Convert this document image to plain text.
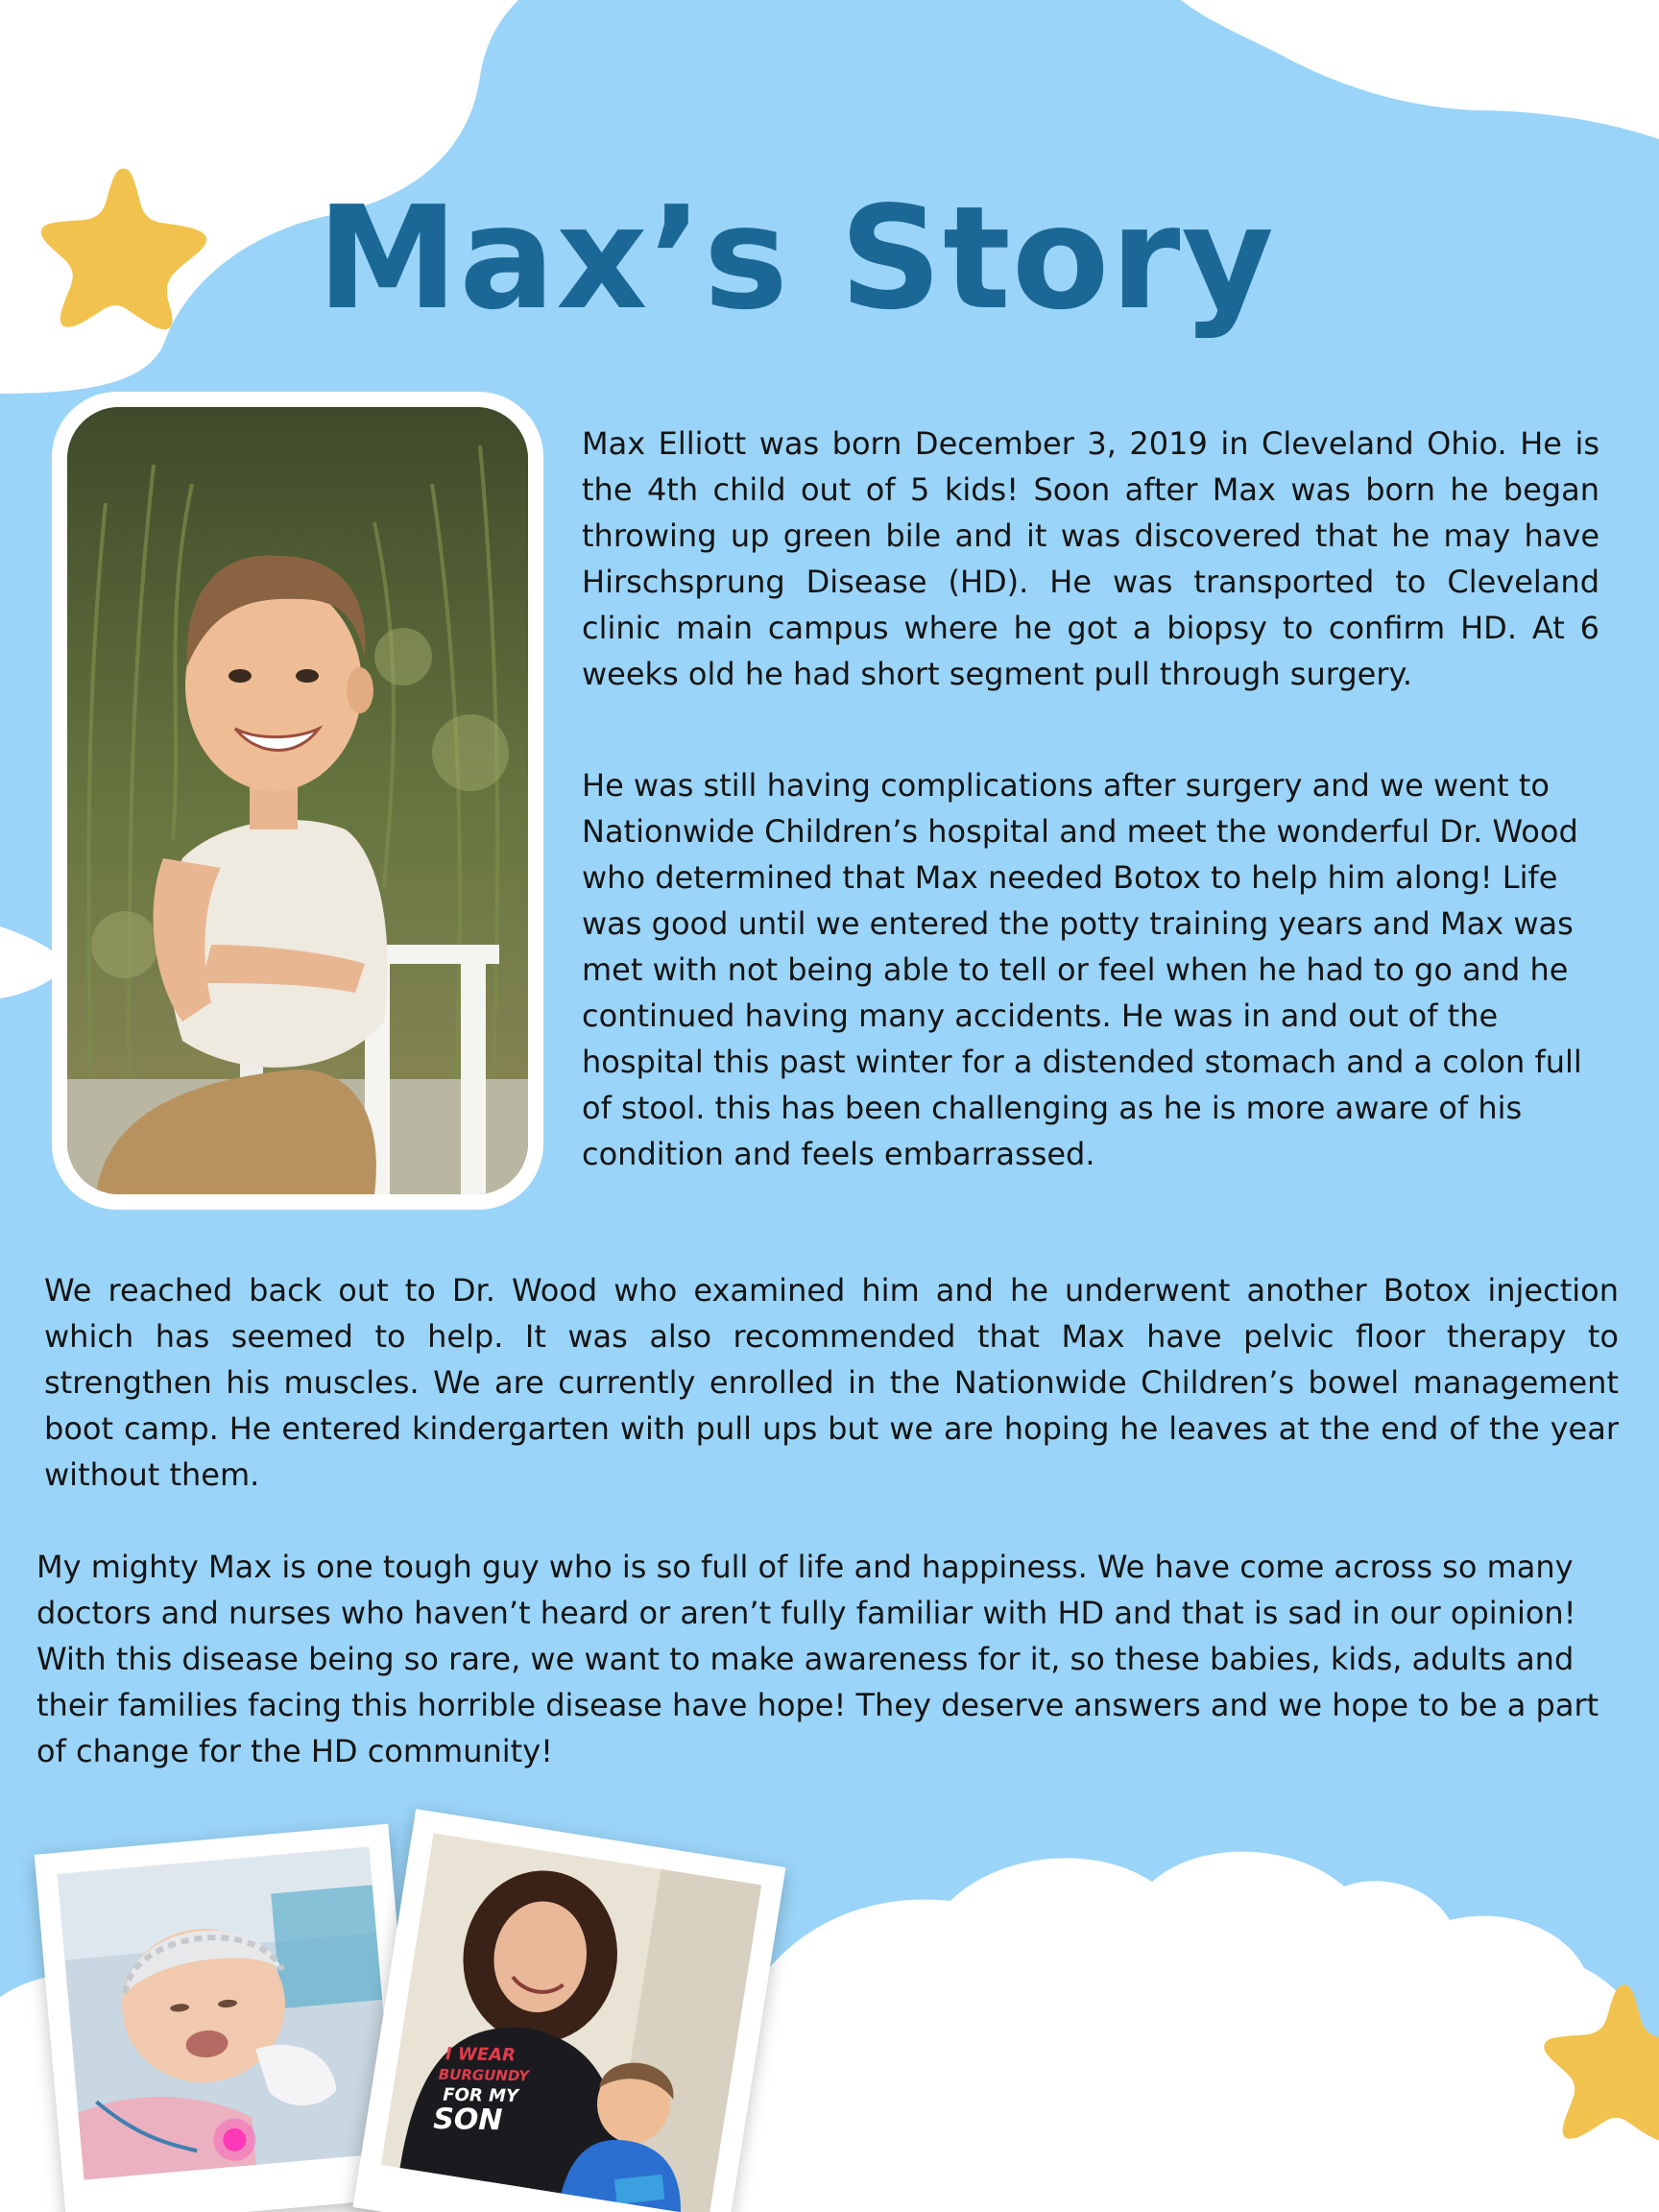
Max’s Story

Max Elliott was born December 3, 2019 in Cleveland Ohio. He is the 4th child out of 5 kids! Soon after Max was born he began throwing up green bile and it was discovered that he may have Hirschsprung Disease (HD). He was transported to Cleveland clinic main campus where he got a biopsy to confirm HD. At 6 weeks old he had short segment pull through surgery.

He was still having complications after surgery and we went to Nationwide Children’s hospital and meet the wonderful Dr. Wood who determined that Max needed Botox to help him along! Life was good until we entered the potty training years and Max was met with not being able to tell or feel when he had to go and he continued having many accidents. He was in and out of the hospital this past winter for a distended stomach and a colon full of stool. this has been challenging as he is more aware of his condition and feels embarrassed.

We reached back out to Dr. Wood who examined him and he underwent another Botox injection which has seemed to help. It was also recommended that Max have pelvic floor therapy to strengthen his muscles. We are currently enrolled in the Nationwide Children’s bowel management boot camp. He entered kindergarten with pull ups but we are hoping he leaves at the end of the year without them.

My mighty Max is one tough guy who is so full of life and happiness. We have come across so many doctors and nurses who haven’t heard or aren’t fully familiar with HD and that is sad in our opinion! With this disease being so rare, we want to make awareness for it, so these babies, kids, adults and their families facing this horrible disease have hope! They deserve answers and we hope to be a part of change for the HD community!

I WEAR
BURGUNDY
FOR MY
SON
